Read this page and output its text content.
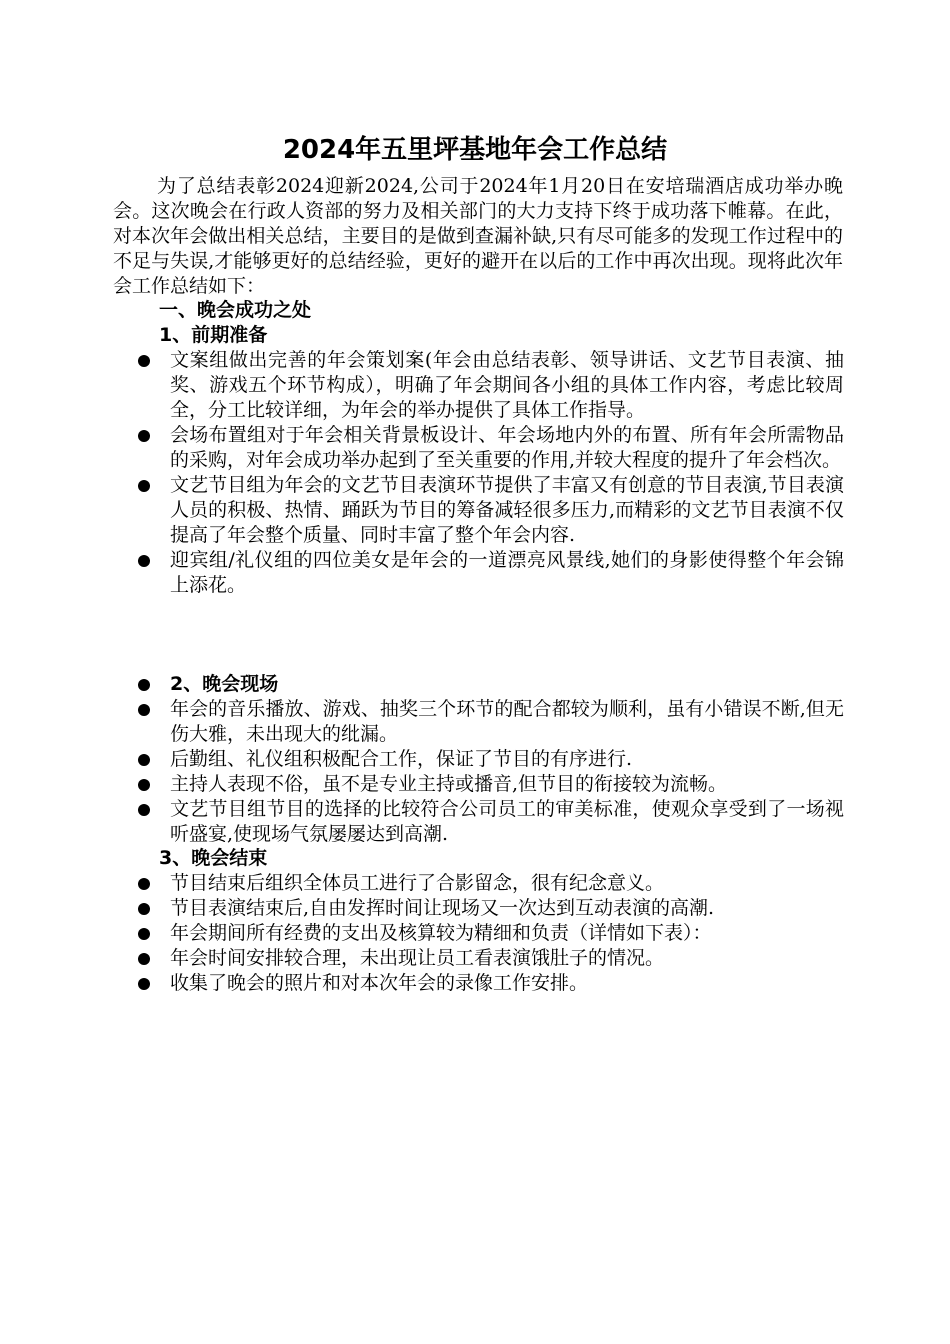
2024年五里坪基地年会工作总结

为了总结表彰2024迎新2024,公司于2024年1月20日在安培瑞酒店成功举办晚会。这次晚会在行政人资部的努力及相关部门的大力支持下终于成功落下帷幕。在此，对本次年会做出相关总结，主要目的是做到查漏补缺,只有尽可能多的发现工作过程中的不足与失误,才能够更好的总结经验，更好的避开在以后的工作中再次出现。现将此次年会工作总结如下：

一、晚会成功之处

1、前期准备

文案组做出完善的年会策划案(年会由总结表彰、领导讲话、文艺节目表演、抽奖、游戏五个环节构成），明确了年会期间各小组的具体工作内容，考虑比较周全，分工比较详细，为年会的举办提供了具体工作指导。
会场布置组对于年会相关背景板设计、年会场地内外的布置、所有年会所需物品的采购，对年会成功举办起到了至关重要的作用,并较大程度的提升了年会档次。
文艺节目组为年会的文艺节目表演环节提供了丰富又有创意的节目表演,节目表演人员的积极、热情、踊跃为节目的筹备减轻很多压力,而精彩的文艺节目表演不仅提高了年会整个质量、同时丰富了整个年会内容.
迎宾组/礼仪组的四位美女是年会的一道漂亮风景线,她们的身影使得整个年会锦上添花。

2、晚会现场

年会的音乐播放、游戏、抽奖三个环节的配合都较为顺利，虽有小错误不断,但无伤大雅，未出现大的纰漏。
后勤组、礼仪组积极配合工作，保证了节目的有序进行.
主持人表现不俗，虽不是专业主持或播音,但节目的衔接较为流畅。
文艺节目组节目的选择的比较符合公司员工的审美标准，使观众享受到了一场视听盛宴,使现场气氛屡屡达到高潮.

3、晚会结束

节目结束后组织全体员工进行了合影留念，很有纪念意义。
节目表演结束后,自由发挥时间让现场又一次达到互动表演的高潮.
年会期间所有经费的支出及核算较为精细和负责（详情如下表）：
年会时间安排较合理，未出现让员工看表演饿肚子的情况。
收集了晚会的照片和对本次年会的录像工作安排。
